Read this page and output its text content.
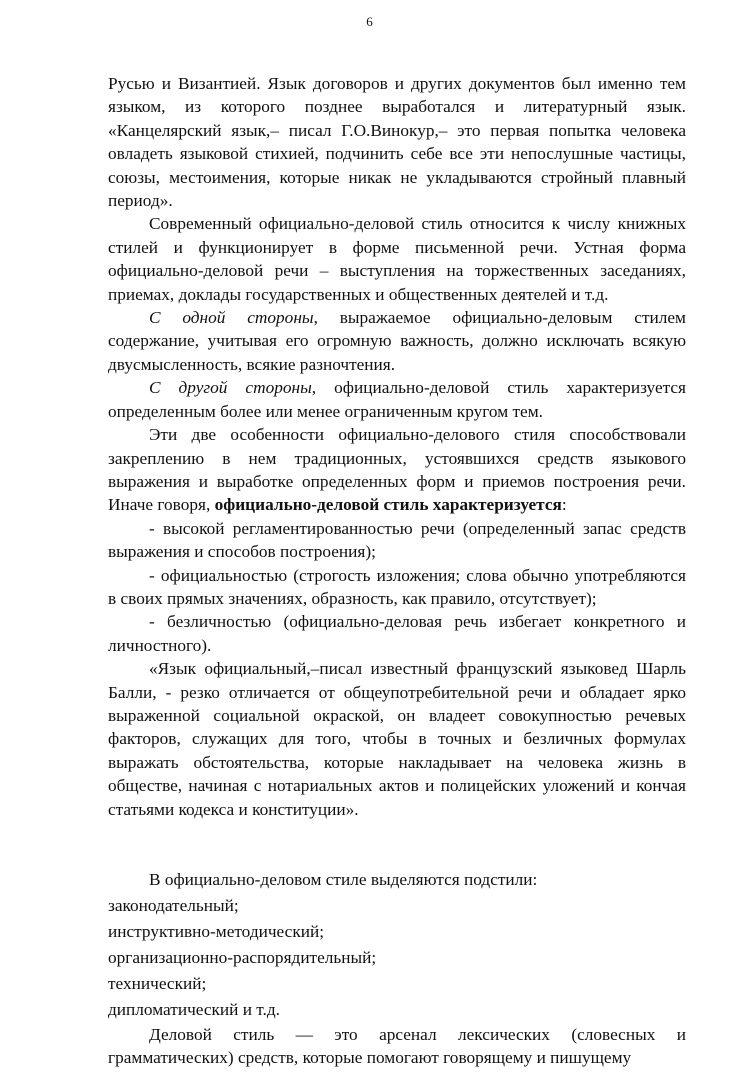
6

Русью и Византией. Язык договоров и других документов был именно тем языком, из которого позднее выработался и литературный язык. «Канцелярский язык,– писал Г.О.Винокур,– это первая попытка человека овладеть языковой стихией, подчинить себе все эти непослушные частицы, союзы, местоимения, которые никак не укладываются стройный плавный период».

Современный официально-деловой стиль относится к числу книжных стилей и функционирует в форме письменной речи. Устная форма официально-деловой речи – выступления на торжественных заседаниях, приемах, доклады государственных и общественных деятелей и т.д.

С одной стороны, выражаемое официально-деловым стилем содержание, учитывая его огромную важность, должно исключать всякую двусмысленность, всякие разночтения.

С другой стороны, официально-деловой стиль характеризуется определенным более или менее ограниченным кругом тем.

Эти две особенности официально-делового стиля способствовали закреплению в нем традиционных, устоявшихся средств языкового выражения и выработке определенных форм и приемов построения речи. Иначе говоря, официально-деловой стиль характеризуется:

- высокой регламентированностью речи (определенный запас средств выражения и способов построения);

- официальностью (строгость изложения; слова обычно употребляются в своих прямых значениях, образность, как правило, отсутствует);

- безличностью (официально-деловая речь избегает конкретного и личностного).

«Язык официальный,–писал известный французский языковед Шарль Балли, - резко отличается от общеупотребительной речи и обладает ярко выраженной социальной окраской, он владеет совокупностью речевых факторов, служащих для того, чтобы в точных и безличных формулах выражать обстоятельства, которые накладывает на человека жизнь в обществе, начиная с нотариальных актов и полицейских уложений и кончая статьями кодекса и конституции».

В официально-деловом стиле выделяются подстили:

законодательный;

инструктивно-методический;

организационно-распорядительный;

технический;

дипломатический и т.д.

Деловой стиль — это арсенал лексических (словесных и грамматических) средств, которые помогают говорящему и пишущему
